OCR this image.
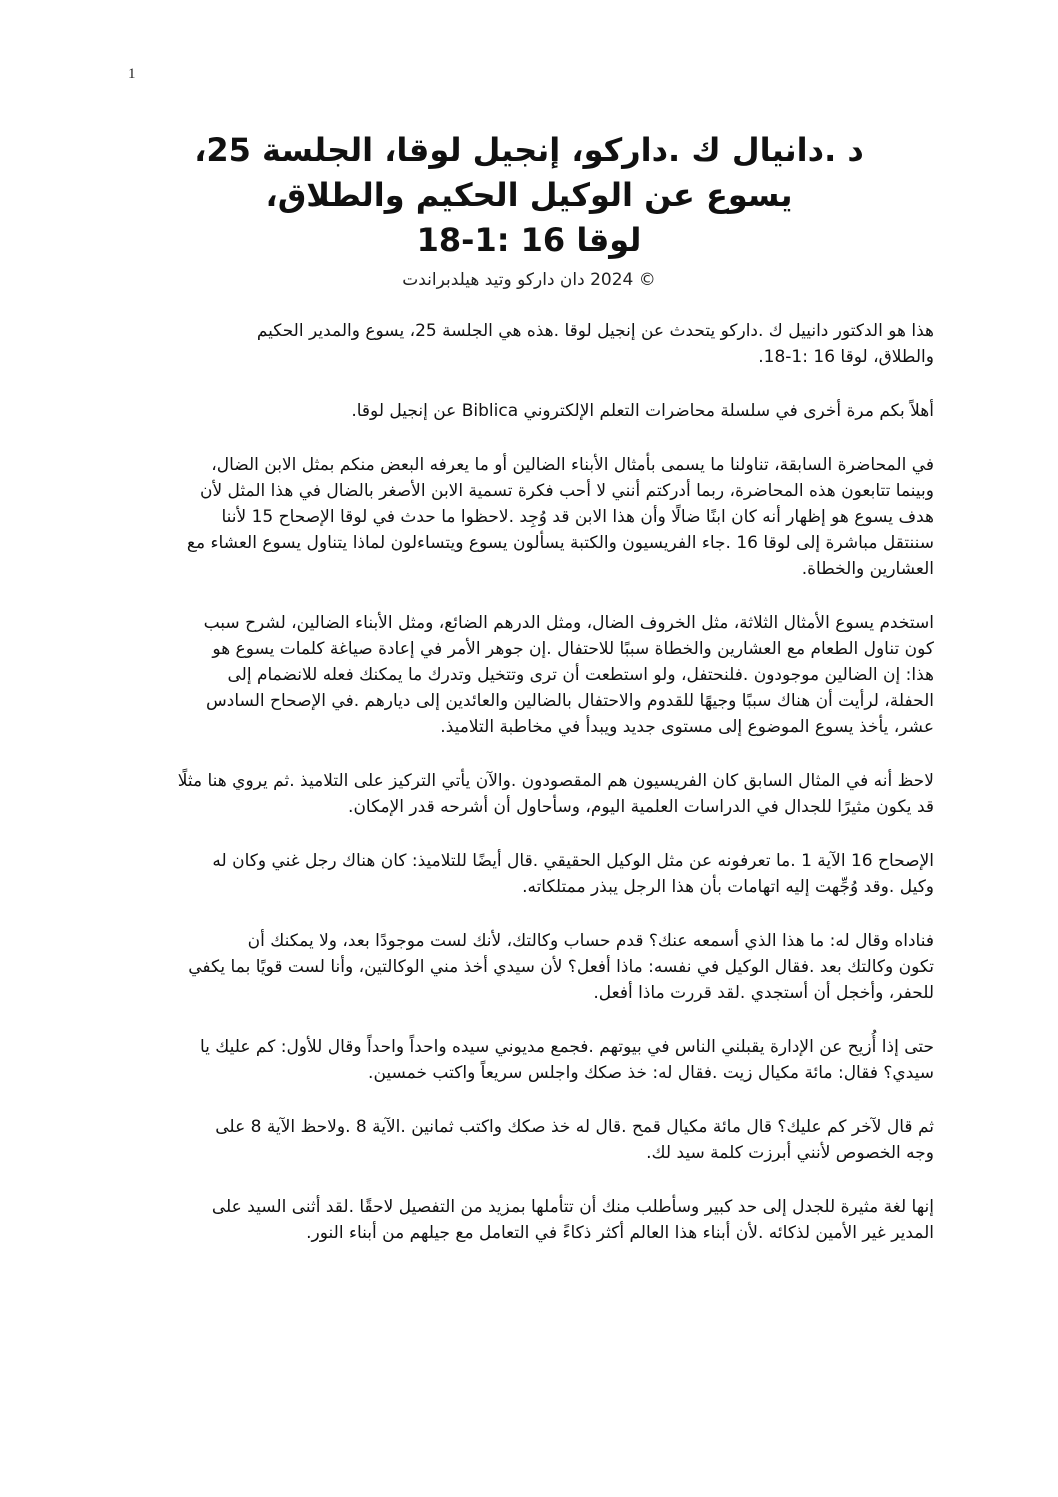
1
د .دانيال ك .داركو، إنجيل لوقا، الجلسة 25،
يسوع عن الوكيل الحكيم والطلاق،
لوقا 16 :1-18
© 2024 دان داركو وتيد هيلدبراندت
هذا هو الدكتور دانييل ك .داركو يتحدث عن إنجيل لوقا .هذه هي الجلسة 25، يسوع والمدير الحكيم
والطلاق، لوقا 16 :1-18.
أهلاً بكم مرة أخرى في سلسلة محاضرات التعلم الإلكتروني Biblica عن إنجيل لوقا.
في المحاضرة السابقة، تناولنا ما يسمى بأمثال الأبناء الضالين أو ما يعرفه البعض منكم بمثل الابن الضال،
وبينما تتابعون هذه المحاضرة، ربما أدركتم أنني لا أحب فكرة تسمية الابن الأصغر بالضال في هذا المثل لأن
هدف يسوع هو إظهار أنه كان ابنًا ضالًا وأن هذا الابن قد وُجِد .لاحظوا ما حدث في لوقا الإصحاح 15 لأننا
سننتقل مباشرة إلى لوقا 16 .جاء الفريسيون والكتبة يسألون يسوع ويتساءلون لماذا يتناول يسوع العشاء مع
العشارين والخطاة.
استخدم يسوع الأمثال الثلاثة، مثل الخروف الضال، ومثل الدرهم الضائع، ومثل الأبناء الضالين، لشرح سبب
كون تناول الطعام مع العشارين والخطاة سببًا للاحتفال .إن جوهر الأمر في إعادة صياغة كلمات يسوع هو
هذا: إن الضالين موجودون .فلنحتفل، ولو استطعت أن ترى وتتخيل وتدرك ما يمكنك فعله للانضمام إلى
الحفلة، لرأيت أن هناك سببًا وجيهًا للقدوم والاحتفال بالضالين والعائدين إلى ديارهم .في الإصحاح السادس
عشر، يأخذ يسوع الموضوع إلى مستوى جديد ويبدأ في مخاطبة التلاميذ.
لاحظ أنه في المثال السابق كان الفريسيون هم المقصودون .والآن يأتي التركيز على التلاميذ .ثم يروي هنا مثلًا
قد يكون مثيرًا للجدال في الدراسات العلمية اليوم، وسأحاول أن أشرحه قدر الإمكان.
الإصحاح 16 الآية 1 .ما تعرفونه عن مثل الوكيل الحقيقي .قال أيضًا للتلاميذ: كان هناك رجل غني وكان له
وكيل .وقد وُجِّهت إليه اتهامات بأن هذا الرجل يبذر ممتلكاته.
فناداه وقال له: ما هذا الذي أسمعه عنك؟ قدم حساب وكالتك، لأنك لست موجودًا بعد، ولا يمكنك أن
تكون وكالتك بعد .فقال الوكيل في نفسه: ماذا أفعل؟ لأن سيدي أخذ مني الوكالتين، وأنا لست قويًا بما يكفي
للحفر، وأخجل أن أستجدي .لقد قررت ماذا أفعل.
حتى إذا أُزيح عن الإدارة يقبلني الناس في بيوتهم .فجمع مديوني سيده واحداً واحداً وقال للأول: كم عليك يا
سيدي؟ فقال: مائة مكيال زيت .فقال له: خذ صكك واجلس سريعاً واكتب خمسين.
ثم قال لآخر كم عليك؟ قال مائة مكيال قمح .قال له خذ صكك واكتب ثمانين .الآية 8 .ولاحظ الآية 8 على
وجه الخصوص لأنني أبرزت كلمة سيد لك.
إنها لغة مثيرة للجدل إلى حد كبير وسأطلب منك أن تتأملها بمزيد من التفصيل لاحقًا .لقد أثنى السيد على
المدير غير الأمين لذكائه .لأن أبناء هذا العالم أكثر ذكاءً في التعامل مع جيلهم من أبناء النور.
